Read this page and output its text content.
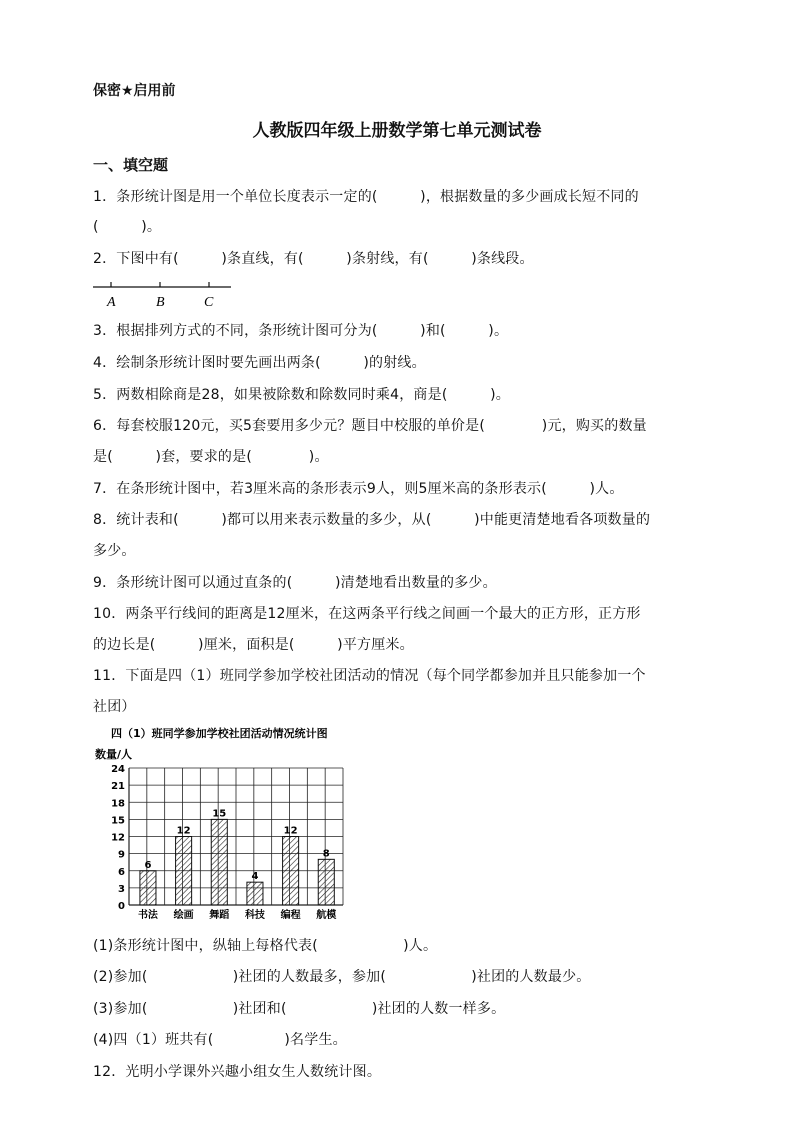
保密★启用前
人教版四年级上册数学第七单元测试卷
一、填空题
1．条形统计图是用一个单位长度表示一定的(　　　)，根据数量的多少画成长短不同的
(　　　)。
2．下图中有(　　　)条直线，有(　　　)条射线，有(　　　)条线段。
A	B	C
3．根据排列方式的不同，条形统计图可分为(　　　)和(　　　)。
4．绘制条形统计图时要先画出两条(　　　)的射线。
5．两数相除商是28，如果被除数和除数同时乘4，商是(　　　)。
6．每套校服120元，买5套要用多少元？题目中校服的单价是(　　　　)元，购买的数量
是(　　　)套，要求的是(　　　　)。
7．在条形统计图中，若3厘米高的条形表示9人，则5厘米高的条形表示(　　　)人。
8．统计表和(　　　)都可以用来表示数量的多少，从(　　　)中能更清楚地看各项数量的
多少。
9．条形统计图可以通过直条的(　　　)清楚地看出数量的多少。
10．两条平行线间的距离是12厘米，在这两条平行线之间画一个最大的正方形，正方形
的边长是(　　　)厘米，面积是(　　　)平方厘米。
11．下面是四（1）班同学参加学校社团活动的情况（每个同学都参加并且只能参加一个
社团）
四（1）班同学参加学校社团活动情况统计图
数量/人
0
3
6
9
12
15
18
21
24
6
书法
12
绘画
15
舞蹈
4
科技
12
编程
8
航模
(1)条形统计图中，纵轴上每格代表(　　　　　　)人。
(2)参加(　　　　　　)社团的人数最多，参加(　　　　　　)社团的人数最少。
(3)参加(　　　　　　)社团和(　　　　　　)社团的人数一样多。
(4)四（1）班共有(　　　　　)名学生。
12．光明小学课外兴趣小组女生人数统计图。
